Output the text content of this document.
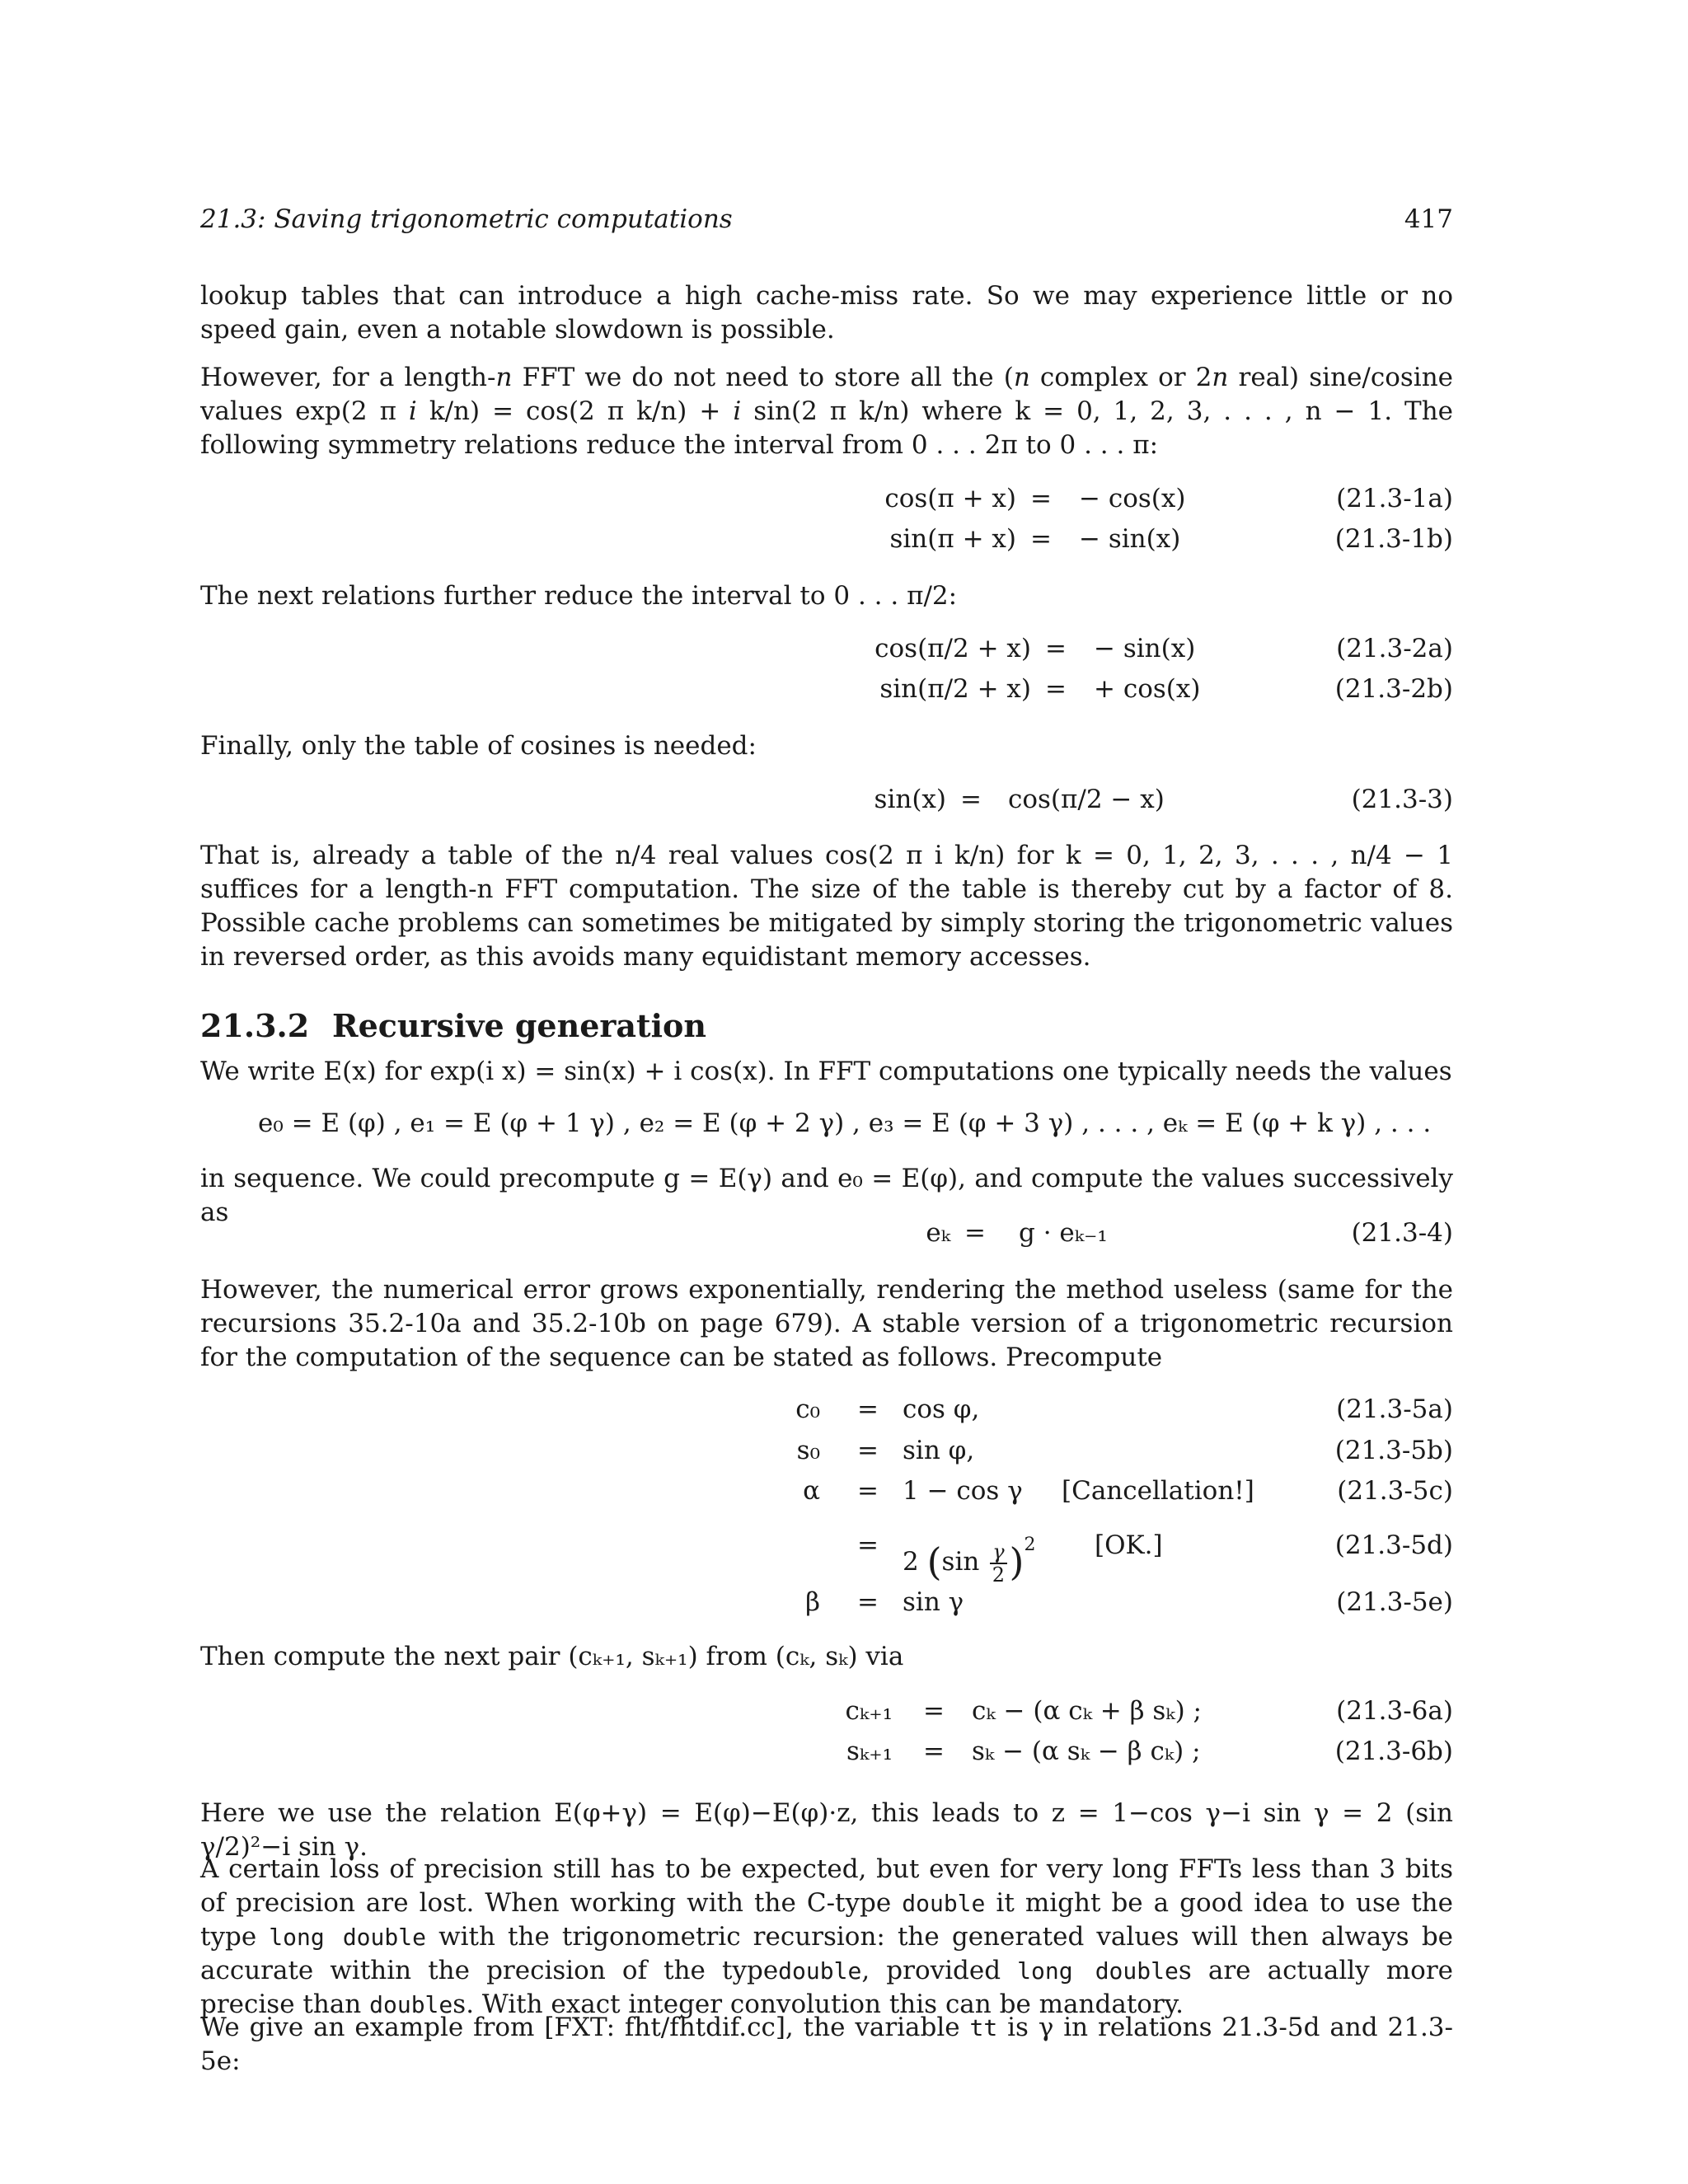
21.3: Saving trigonometric computations	417
lookup tables that can introduce a high cache-miss rate. So we may experience little or no speed gain, even a notable slowdown is possible.
However, for a length-n FFT we do not need to store all the (n complex or 2n real) sine/cosine values exp(2 π i k/n) = cos(2 π k/n) + i sin(2 π k/n) where k = 0, 1, 2, 3, . . . , n − 1. The following symmetry relations reduce the interval from 0 . . . 2π to 0 . . . π:
cos(π + x) = − cos(x)	(21.3-1a)
sin(π + x) = − sin(x)	(21.3-1b)
The next relations further reduce the interval to 0 . . . π/2:
cos(π/2 + x) = − sin(x)	(21.3-2a)
sin(π/2 + x) = + cos(x)	(21.3-2b)
Finally, only the table of cosines is needed:
sin(x) = cos(π/2 − x)	(21.3-3)
That is, already a table of the n/4 real values cos(2 π i k/n) for k = 0, 1, 2, 3, . . . , n/4 − 1 suffices for a length-n FFT computation. The size of the table is thereby cut by a factor of 8. Possible cache problems can sometimes be mitigated by simply storing the trigonometric values in reversed order, as this avoids many equidistant memory accesses.
21.3.2 Recursive generation
We write E(x) for exp(i x) = sin(x) + i cos(x). In FFT computations one typically needs the values
e₀ = E (φ) , e₁ = E (φ + 1 γ) , e₂ = E (φ + 2 γ) , e₃ = E (φ + 3 γ) , . . . , eₖ = E (φ + k γ) , . . .
in sequence. We could precompute g = E(γ) and e₀ = E(φ), and compute the values successively as
eₖ = g · eₖ₋₁	(21.3-4)
However, the numerical error grows exponentially, rendering the method useless (same for the recursions 35.2-10a and 35.2-10b on page 679). A stable version of a trigonometric recursion for the computation of the sequence can be stated as follows. Precompute
c₀ = cos φ,	(21.3-5a)
s₀ = sin φ,	(21.3-5b)
α = 1 − cos γ [Cancellation!]	(21.3-5c)
=
2 $(\sin \frac{\gamma}{2} )^2$ [OK.]	(21.3-5d)
β = sin γ	(21.3-5e)
Then compute the next pair (cₖ₊₁, sₖ₊₁) from (cₖ, sₖ) via
cₖ₊₁ = cₖ − (α cₖ + β sₖ) ;	(21.3-6a)
sₖ₊₁ = sₖ − (α sₖ − β cₖ) ;	(21.3-6b)
Here we use the relation E(φ+γ) = E(φ)−E(φ)·z, this leads to z = 1−cos γ−i sin γ = 2 (sin γ/2)²−i sin γ.
A certain loss of precision still has to be expected, but even for very long FFTs less than 3 bits of precision are lost. When working with the C-type double it might be a good idea to use the type long double with the trigonometric recursion: the generated values will then always be accurate within the precision of the typedouble, provided long doubles are actually more precise than doubles. With exact integer convolution this can be mandatory.
We give an example from [FXT: fht/fhtdif.cc], the variable tt is γ in relations 21.3-5d and 21.3-5e:
